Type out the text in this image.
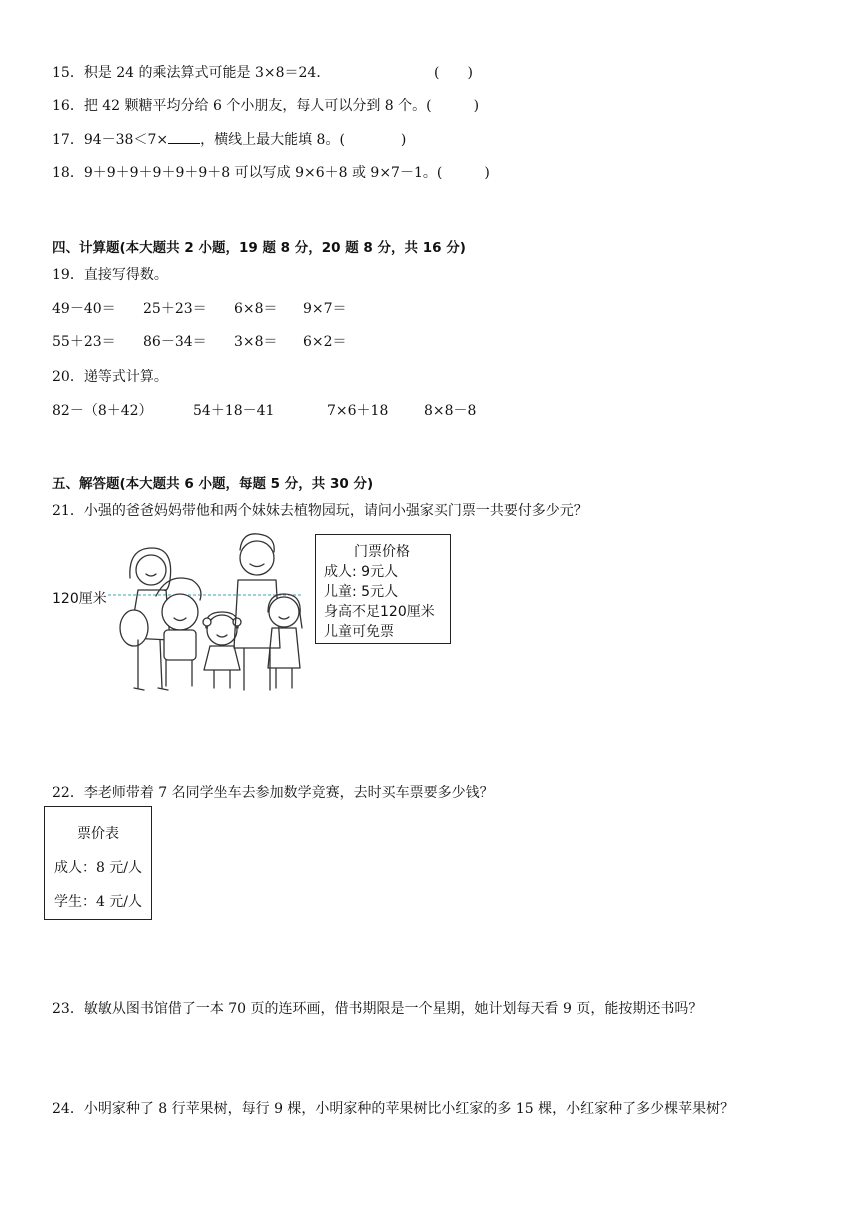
15．积是 24 的乘法算式可能是 3×8＝24．	(　　)
16．把 42 颗糖平均分给 6 个小朋友，每人可以分到 8 个。(　　　)
17．94－38＜7× ，横线上最大能填 8。(　　　　)
18．9＋9＋9＋9＋9＋9＋8 可以写成 9×6＋8 或 9×7－1。(　　　)
四、计算题(本大题共 2 小题，19 题 8 分，20 题 8 分，共 16 分)
19．直接写得数。
49－40＝ 25＋23＝ 6×8＝ 9×7＝
55＋23＝ 86－34＝ 3×8＝ 6×2＝
20．递等式计算。
82－（8＋42）	54＋18－41	7×6＋18	8×8－8
五、解答题(本大题共 6 小题，每题 5 分，共 30 分)
21．小强的爸爸妈妈带他和两个妹妹去植物园玩，请问小强家买门票一共要付多少元？
120厘米
门票价格
成人: 9元人
儿童: 5元人
身高不足120厘米
儿童可免票
22．李老师带着 7 名同学坐车去参加数学竞赛，去时买车票要多少钱？
票价表
成人：8 元/人
学生：4 元/人
23．敏敏从图书馆借了一本 70 页的连环画，借书期限是一个星期，她计划每天看 9 页，能按期还书吗？
24．小明家种了 8 行苹果树，每行 9 棵，小明家种的苹果树比小红家的多 15 棵，小红家种了多少棵苹果树？
